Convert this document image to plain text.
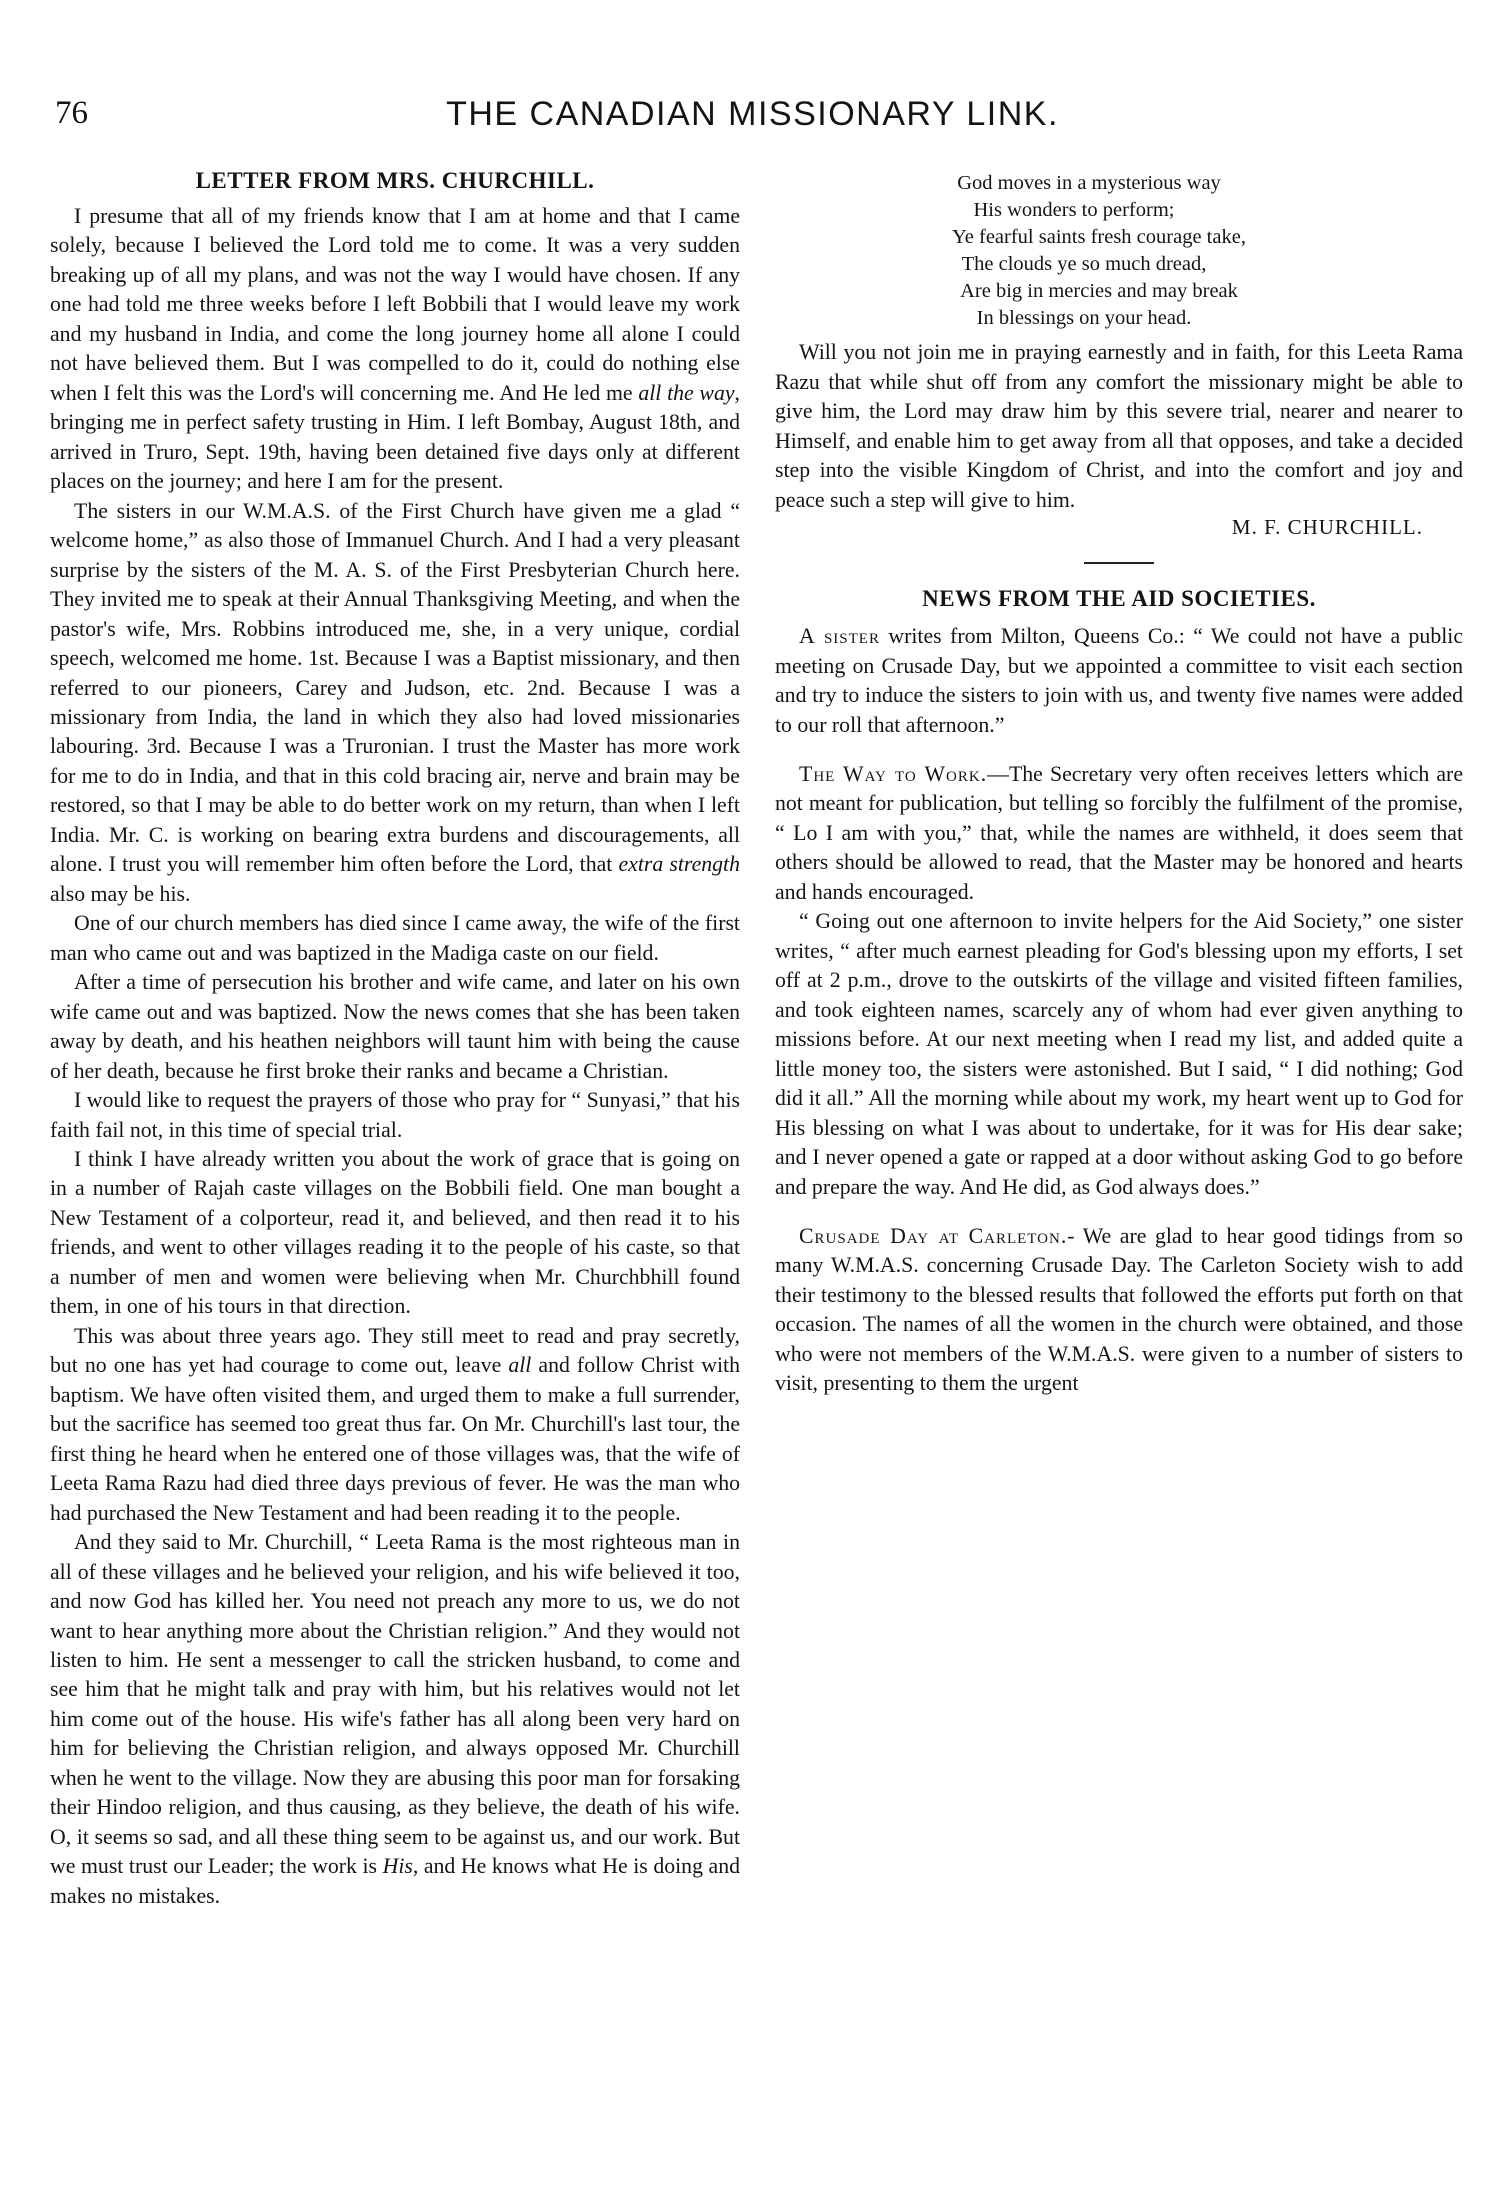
76	THE CANADIAN MISSIONARY LINK.
LETTER FROM MRS. CHURCHILL.

I presume that all of my friends know that I am at home and that I came solely, because I believed the Lord told me to come. It was a very sudden breaking up of all my plans, and was not the way I would have chosen. If any one had told me three weeks before I left Bobbili that I would leave my work and my husband in India, and come the long journey home all alone I could not have believed them. But I was compelled to do it, could do nothing else when I felt this was the Lord's will concerning me. And He led me all the way, bringing me in perfect safety trusting in Him. I left Bombay, August 18th, and arrived in Truro, Sept. 19th, having been detained five days only at different places on the journey; and here I am for the present.

The sisters in our W.M.A.S. of the First Church have given me a glad “ welcome home,” as also those of Immanuel Church. And I had a very pleasant surprise by the sisters of the M. A. S. of the First Presbyterian Church here. They invited me to speak at their Annual Thanksgiving Meeting, and when the pastor's wife, Mrs. Robbins introduced me, she, in a very unique, cordial speech, welcomed me home. 1st. Because I was a Baptist missionary, and then referred to our pioneers, Carey and Judson, etc. 2nd. Because I was a missionary from India, the land in which they also had loved missionaries labouring. 3rd. Because I was a Truronian. I trust the Master has more work for me to do in India, and that in this cold bracing air, nerve and brain may be restored, so that I may be able to do better work on my return, than when I left India. Mr. C. is working on bearing extra burdens and discouragements, all alone. I trust you will remember him often before the Lord, that extra strength also may be his.

One of our church members has died since I came away, the wife of the first man who came out and was baptized in the Madiga caste on our field.

After a time of persecution his brother and wife came, and later on his own wife came out and was baptized. Now the news comes that she has been taken away by death, and his heathen neighbors will taunt him with being the cause of her death, because he first broke their ranks and became a Christian.

I would like to request the prayers of those who pray for “ Sunyasi,” that his faith fail not, in this time of special trial.

I think I have already written you about the work of grace that is going on in a number of Rajah caste villages on the Bobbili field. One man bought a New Testament of a colporteur, read it, and believed, and then read it to his friends, and went to other villages reading it to the people of his caste, so that a number of men and women were believing when Mr. Churchbhill found them, in one of his tours in that direction.

This was about three years ago. They still meet to read and pray secretly, but no one has yet had courage to come out, leave all and follow Christ with baptism. We have often visited them, and urged them to make a full surrender, but the sacrifice has seemed too great thus far. On Mr. Churchill's last tour, the first thing he heard when he entered one of those villages was, that the wife of Leeta Rama Razu had died three days previous of fever. He was the man who had purchased the New Testament and had been reading it to the people.

And they said to Mr. Churchill, “ Leeta Rama is the most righteous man in all of these villages and he believed your religion, and his wife believed it too, and now God has killed her. You need not preach any more to us, we do not want to hear anything more about the Christian religion.” And they would not listen to him. He sent a messenger to call the stricken husband, to come and see him that he might talk and pray with him, but his relatives would not let him come out of the house. His wife's father has all along been very hard on him for believing the Christian religion, and always opposed Mr. Churchill when he went to the village. Now they are abusing this poor man for forsaking their Hindoo religion, and thus causing, as they believe, the death of his wife. O, it seems so sad, and all these thing seem to be against us, and our work. But we must trust our Leader; the work is His, and He knows what He is doing and makes no mistakes.

God moves in a mysterious way
His wonders to perform;
Ye fearful saints fresh courage take,
The clouds ye so much dread,
Are big in mercies and may break
In blessings on your head.

Will you not join me in praying earnestly and in faith, for this Leeta Rama Razu that while shut off from any comfort the missionary might be able to give him, the Lord may draw him by this severe trial, nearer and nearer to Himself, and enable him to get away from all that opposes, and take a decided step into the visible Kingdom of Christ, and into the comfort and joy and peace such a step will give to him.

M. F. CHURCHILL.
NEWS FROM THE AID SOCIETIES.

A sister writes from Milton, Queens Co.: “ We could not have a public meeting on Crusade Day, but we appointed a committee to visit each section and try to induce the sisters to join with us, and twenty five names were added to our roll that afternoon.”

The Way to Work.—The Secretary very often receives letters which are not meant for publication, but telling so forcibly the fulfilment of the promise, “ Lo I am with you,” that, while the names are withheld, it does seem that others should be allowed to read, that the Master may be honored and hearts and hands encouraged.

“ Going out one afternoon to invite helpers for the Aid Society,” one sister writes, “ after much earnest pleading for God's blessing upon my efforts, I set off at 2 p.m., drove to the outskirts of the village and visited fifteen families, and took eighteen names, scarcely any of whom had ever given anything to missions before. At our next meeting when I read my list, and added quite a little money too, the sisters were astonished. But I said, “ I did nothing; God did it all.” All the morning while about my work, my heart went up to God for His blessing on what I was about to undertake, for it was for His dear sake; and I never opened a gate or rapped at a door without asking God to go before and prepare the way. And He did, as God always does.”

Crusade Day at Carleton.- We are glad to hear good tidings from so many W.M.A.S. concerning Crusade Day. The Carleton Society wish to add their testimony to the blessed results that followed the efforts put forth on that occasion. The names of all the women in the church were obtained, and those who were not members of the W.M.A.S. were given to a number of sisters to visit, presenting to them the urgent
